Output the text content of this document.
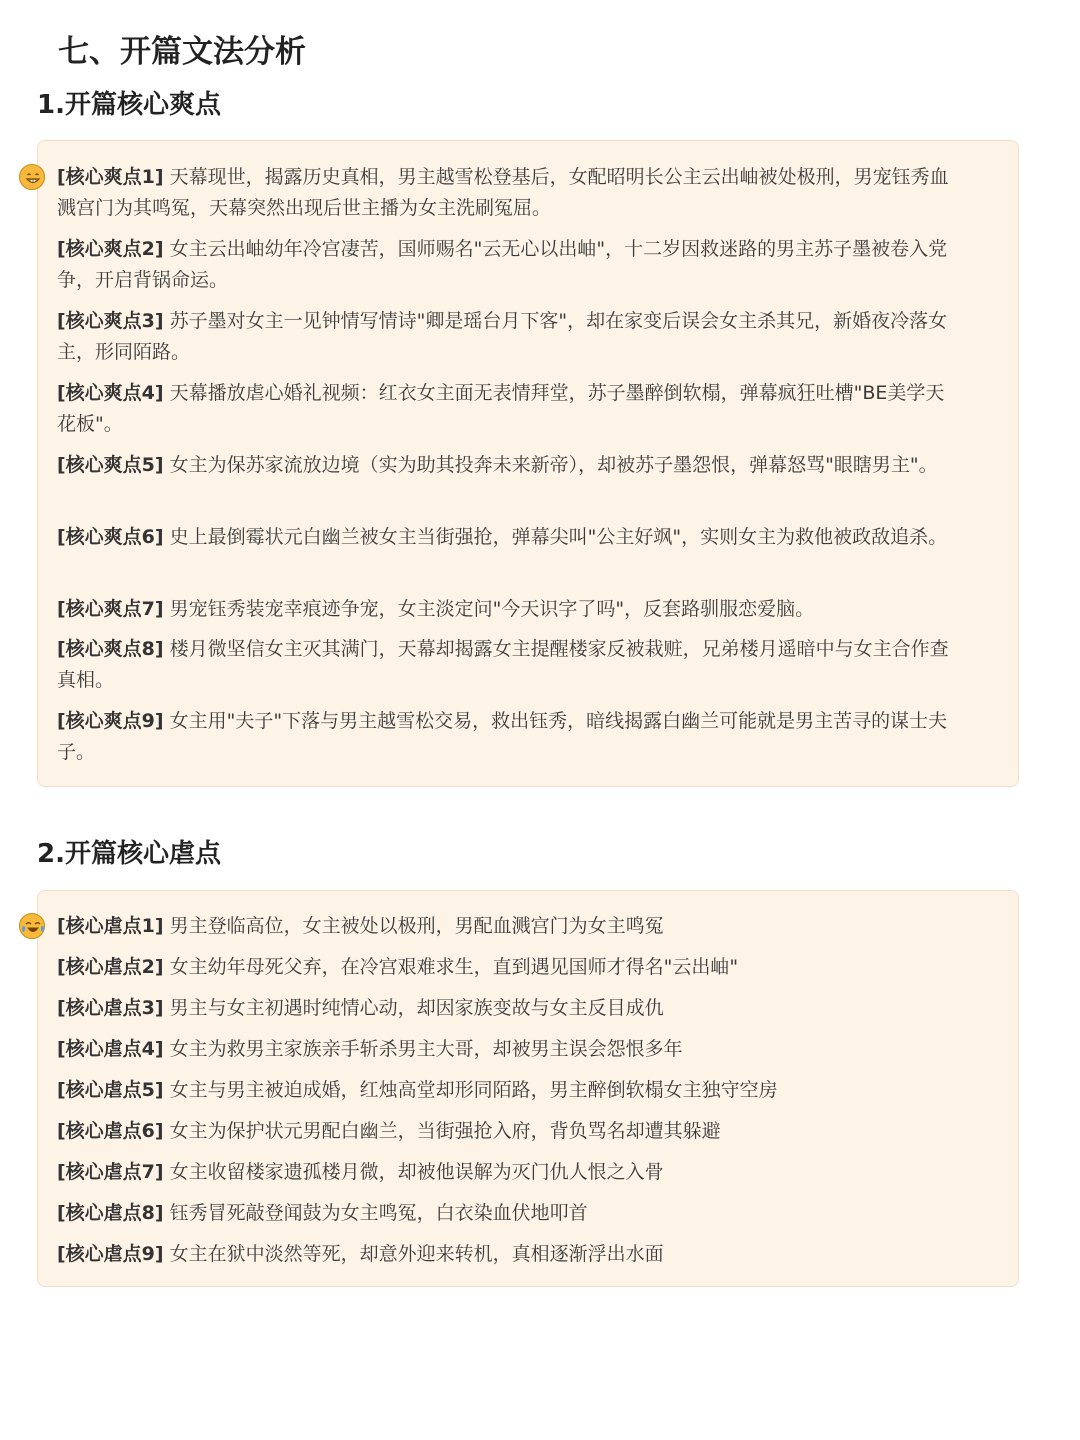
七、开篇文法分析
1.开篇核心爽点
[核心爽点1] 天幕现世，揭露历史真相，男主越雪松登基后，女配昭明长公主云出岫被处极刑，男宠钰秀血溅宫门为其鸣冤，天幕突然出现后世主播为女主洗刷冤屈。
[核心爽点2] 女主云出岫幼年冷宫凄苦，国师赐名"云无心以出岫"，十二岁因救迷路的男主苏子墨被卷入党争，开启背锅命运。
[核心爽点3] 苏子墨对女主一见钟情写情诗"卿是瑶台月下客"，却在家变后误会女主杀其兄，新婚夜冷落女主，形同陌路。
[核心爽点4] 天幕播放虐心婚礼视频：红衣女主面无表情拜堂，苏子墨醉倒软榻，弹幕疯狂吐槽"BE美学天花板"。
[核心爽点5] 女主为保苏家流放边境（实为助其投奔未来新帝），却被苏子墨怨恨，弹幕怒骂"眼瞎男主"。
[核心爽点6] 史上最倒霉状元白幽兰被女主当街强抢，弹幕尖叫"公主好飒"，实则女主为救他被政敌追杀。
[核心爽点7] 男宠钰秀装宠幸痕迹争宠，女主淡定问"今天识字了吗"，反套路驯服恋爱脑。
[核心爽点8] 楼月微坚信女主灭其满门，天幕却揭露女主提醒楼家反被栽赃，兄弟楼月遥暗中与女主合作查真相。
[核心爽点9] 女主用"夫子"下落与男主越雪松交易，救出钰秀，暗线揭露白幽兰可能就是男主苦寻的谋士夫子。
2.开篇核心虐点
[核心虐点1] 男主登临高位，女主被处以极刑，男配血溅宫门为女主鸣冤
[核心虐点2] 女主幼年母死父弃，在冷宫艰难求生，直到遇见国师才得名"云出岫"
[核心虐点3] 男主与女主初遇时纯情心动，却因家族变故与女主反目成仇
[核心虐点4] 女主为救男主家族亲手斩杀男主大哥，却被男主误会怨恨多年
[核心虐点5] 女主与男主被迫成婚，红烛高堂却形同陌路，男主醉倒软榻女主独守空房
[核心虐点6] 女主为保护状元男配白幽兰，当街强抢入府，背负骂名却遭其躲避
[核心虐点7] 女主收留楼家遗孤楼月微，却被他误解为灭门仇人恨之入骨
[核心虐点8] 钰秀冒死敲登闻鼓为女主鸣冤，白衣染血伏地叩首
[核心虐点9] 女主在狱中淡然等死，却意外迎来转机，真相逐渐浮出水面
